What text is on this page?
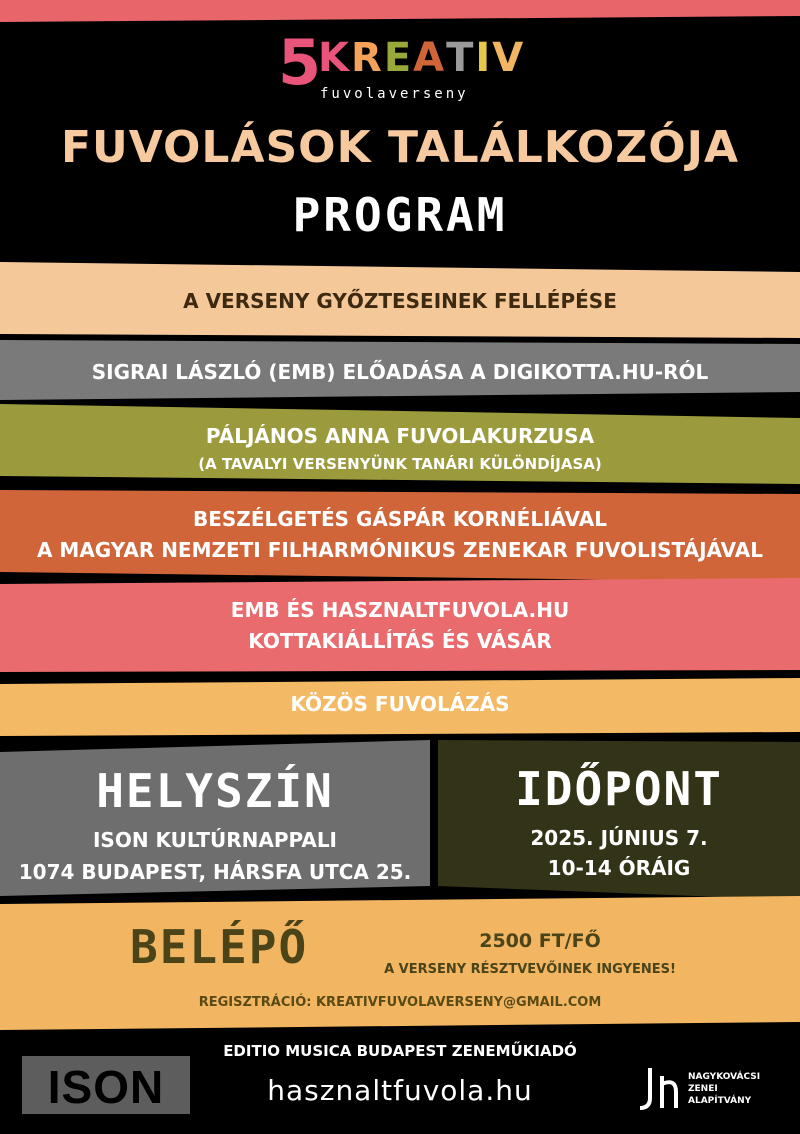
5
KREATIV
fuvolaverseny
FUVOLÁSOK TALÁLKOZÓJA
PROGRAM
A VERSENY GYŐZTESEINEK FELLÉPÉSE
SIGRAI LÁSZLÓ (EMB) ELŐADÁSA A DIGIKOTTA.HU-RÓL
PÁLJÁNOS ANNA FUVOLAKURZUSA
(A TAVALYI VERSENYÜNK TANÁRI KÜLÖNDÍJASA)
BESZÉLGETÉS GÁSPÁR KORNÉLIÁVAL
A MAGYAR NEMZETI FILHARMÓNIKUS ZENEKAR FUVOLISTÁJÁVAL
EMB ÉS HASZNALTFUVOLA.HU
KOTTAKIÁLLÍTÁS ÉS VÁSÁR
KÖZÖS FUVOLÁZÁS
HELYSZÍN
ISON KULTÚRNAPPALI
1074 BUDAPEST, HÁRSFA UTCA 25.
IDŐPONT
2025. JÚNIUS 7.
10-14 ÓRÁIG
BELÉPŐ	2500 FT/FŐ
A VERSENY RÉSZTVEVŐINEK INGYENES!
REGISZTRÁCIÓ: KREATIVFUVOLAVERSENY@GMAIL.COM
EDITIO MUSICA BUDAPEST ZENEMŰKIADÓ
ISON	hasznaltfuvola.hu	NAGYKOVÁCSI
ZENEI
ALAPÍTVÁNY
